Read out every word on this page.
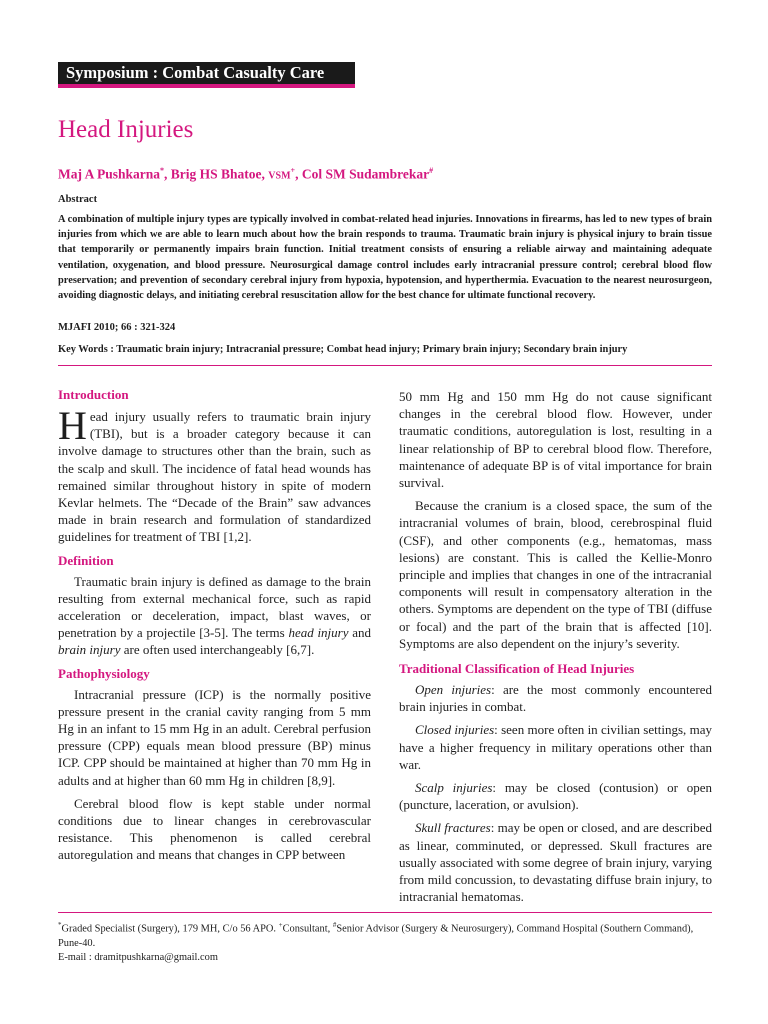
Symposium : Combat Casualty Care
Head Injuries
Maj A Pushkarna*, Brig HS Bhatoe, VSM+, Col SM Sudambrekar#
Abstract

A combination of multiple injury types are typically involved in combat-related head injuries. Innovations in firearms, has led to new types of brain injuries from which we are able to learn much about how the brain responds to trauma. Traumatic brain injury is physical injury to brain tissue that temporarily or permanently impairs brain function. Initial treatment consists of ensuring a reliable airway and maintaining adequate ventilation, oxygenation, and blood pressure. Neurosurgical damage control includes early intracranial pressure control; cerebral blood flow preservation; and prevention of secondary cerebral injury from hypoxia, hypotension, and hyperthermia. Evacuation to the nearest neurosurgeon, avoiding diagnostic delays, and initiating cerebral resuscitation allow for the best chance for ultimate functional recovery.

MJAFI 2010; 66 : 321-324
Key Words : Traumatic brain injury; Intracranial pressure; Combat head injury; Primary brain injury; Secondary brain injury
Introduction

Head injury usually refers to traumatic brain injury (TBI), but is a broader category because it can involve damage to structures other than the brain, such as the scalp and skull. The incidence of fatal head wounds has remained similar throughout history in spite of modern Kevlar helmets. The “Decade of the Brain” saw advances made in brain research and formulation of standardized guidelines for treatment of TBI [1,2].

Definition

Traumatic brain injury is defined as damage to the brain resulting from external mechanical force, such as rapid acceleration or deceleration, impact, blast waves, or penetration by a projectile [3-5]. The terms head injury and brain injury are often used interchangeably [6,7].

Pathophysiology

Intracranial pressure (ICP) is the normally positive pressure present in the cranial cavity ranging from 5 mm Hg in an infant to 15 mm Hg in an adult. Cerebral perfusion pressure (CPP) equals mean blood pressure (BP) minus ICP. CPP should be maintained at higher than 70 mm Hg in adults and at higher than 60 mm Hg in children [8,9].

Cerebral blood flow is kept stable under normal conditions due to linear changes in cerebrovascular resistance. This phenomenon is called cerebral autoregulation and means that changes in CPP between

50 mm Hg and 150 mm Hg do not cause significant changes in the cerebral blood flow. However, under traumatic conditions, autoregulation is lost, resulting in a linear relationship of BP to cerebral blood flow. Therefore, maintenance of adequate BP is of vital importance for brain survival.

Because the cranium is a closed space, the sum of the intracranial volumes of brain, blood, cerebrospinal fluid (CSF), and other components (e.g., hematomas, mass lesions) are constant. This is called the Kellie-Monro principle and implies that changes in one of the intracranial components will result in compensatory alteration in the others. Symptoms are dependent on the type of TBI (diffuse or focal) and the part of the brain that is affected [10]. Symptoms are also dependent on the injury’s severity.

Traditional Classification of Head Injuries

Open injuries: are the most commonly encountered brain injuries in combat.

Closed injuries: seen more often in civilian settings, may have a higher frequency in military operations other than war.

Scalp injuries: may be closed (contusion) or open (puncture, laceration, or avulsion).

Skull fractures: may be open or closed, and are described as linear, comminuted, or depressed. Skull fractures are usually associated with some degree of brain injury, varying from mild concussion, to devastating diffuse brain injury, to intracranial hematomas.

*Graded Specialist (Surgery), 179 MH, C/o 56 APO. +Consultant, #Senior Advisor (Surgery & Neurosurgery), Command Hospital (Southern Command), Pune-40.
E-mail : dramitpushkarna@gmail.com
